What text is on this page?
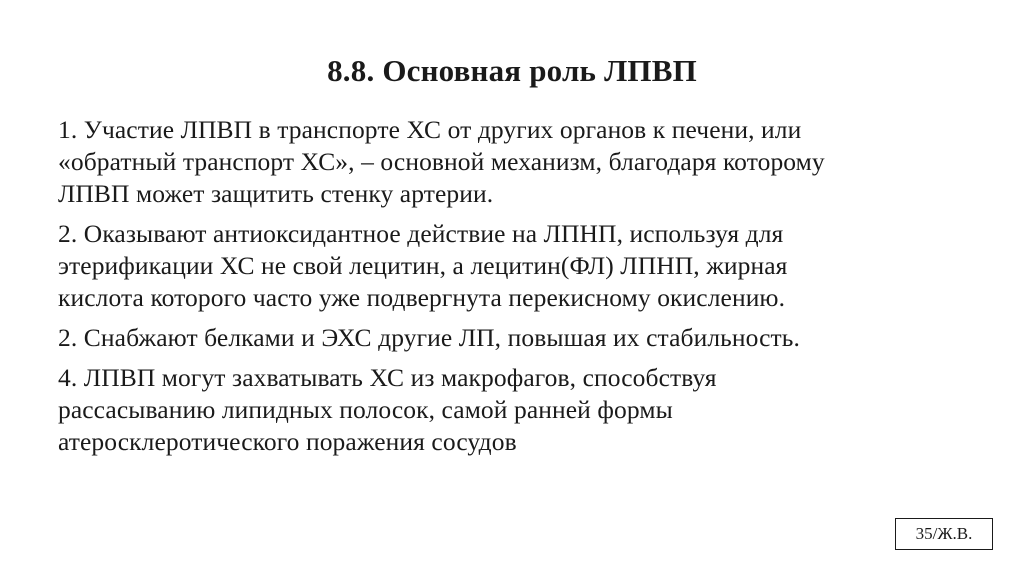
8.8. Основная роль ЛПВП

1. Участие ЛПВП в транспорте ХС от других органов к печени, или
«обратный транспорт ХС», – основной механизм, благодаря которому
ЛПВП может защитить стенку артерии.

2. Оказывают антиоксидантное действие на ЛПНП, используя для
этерификации ХС не свой лецитин, а лецитин(ФЛ) ЛПНП, жирная
кислота которого часто уже подвергнута перекисному окислению.

2. Снабжают белками и ЭХС другие ЛП, повышая их стабильность.

4. ЛПВП могут захватывать ХС из макрофагов, способствуя
рассасыванию липидных полосок, самой ранней формы
атеросклеротического поражения сосудов

35/Ж.В.
